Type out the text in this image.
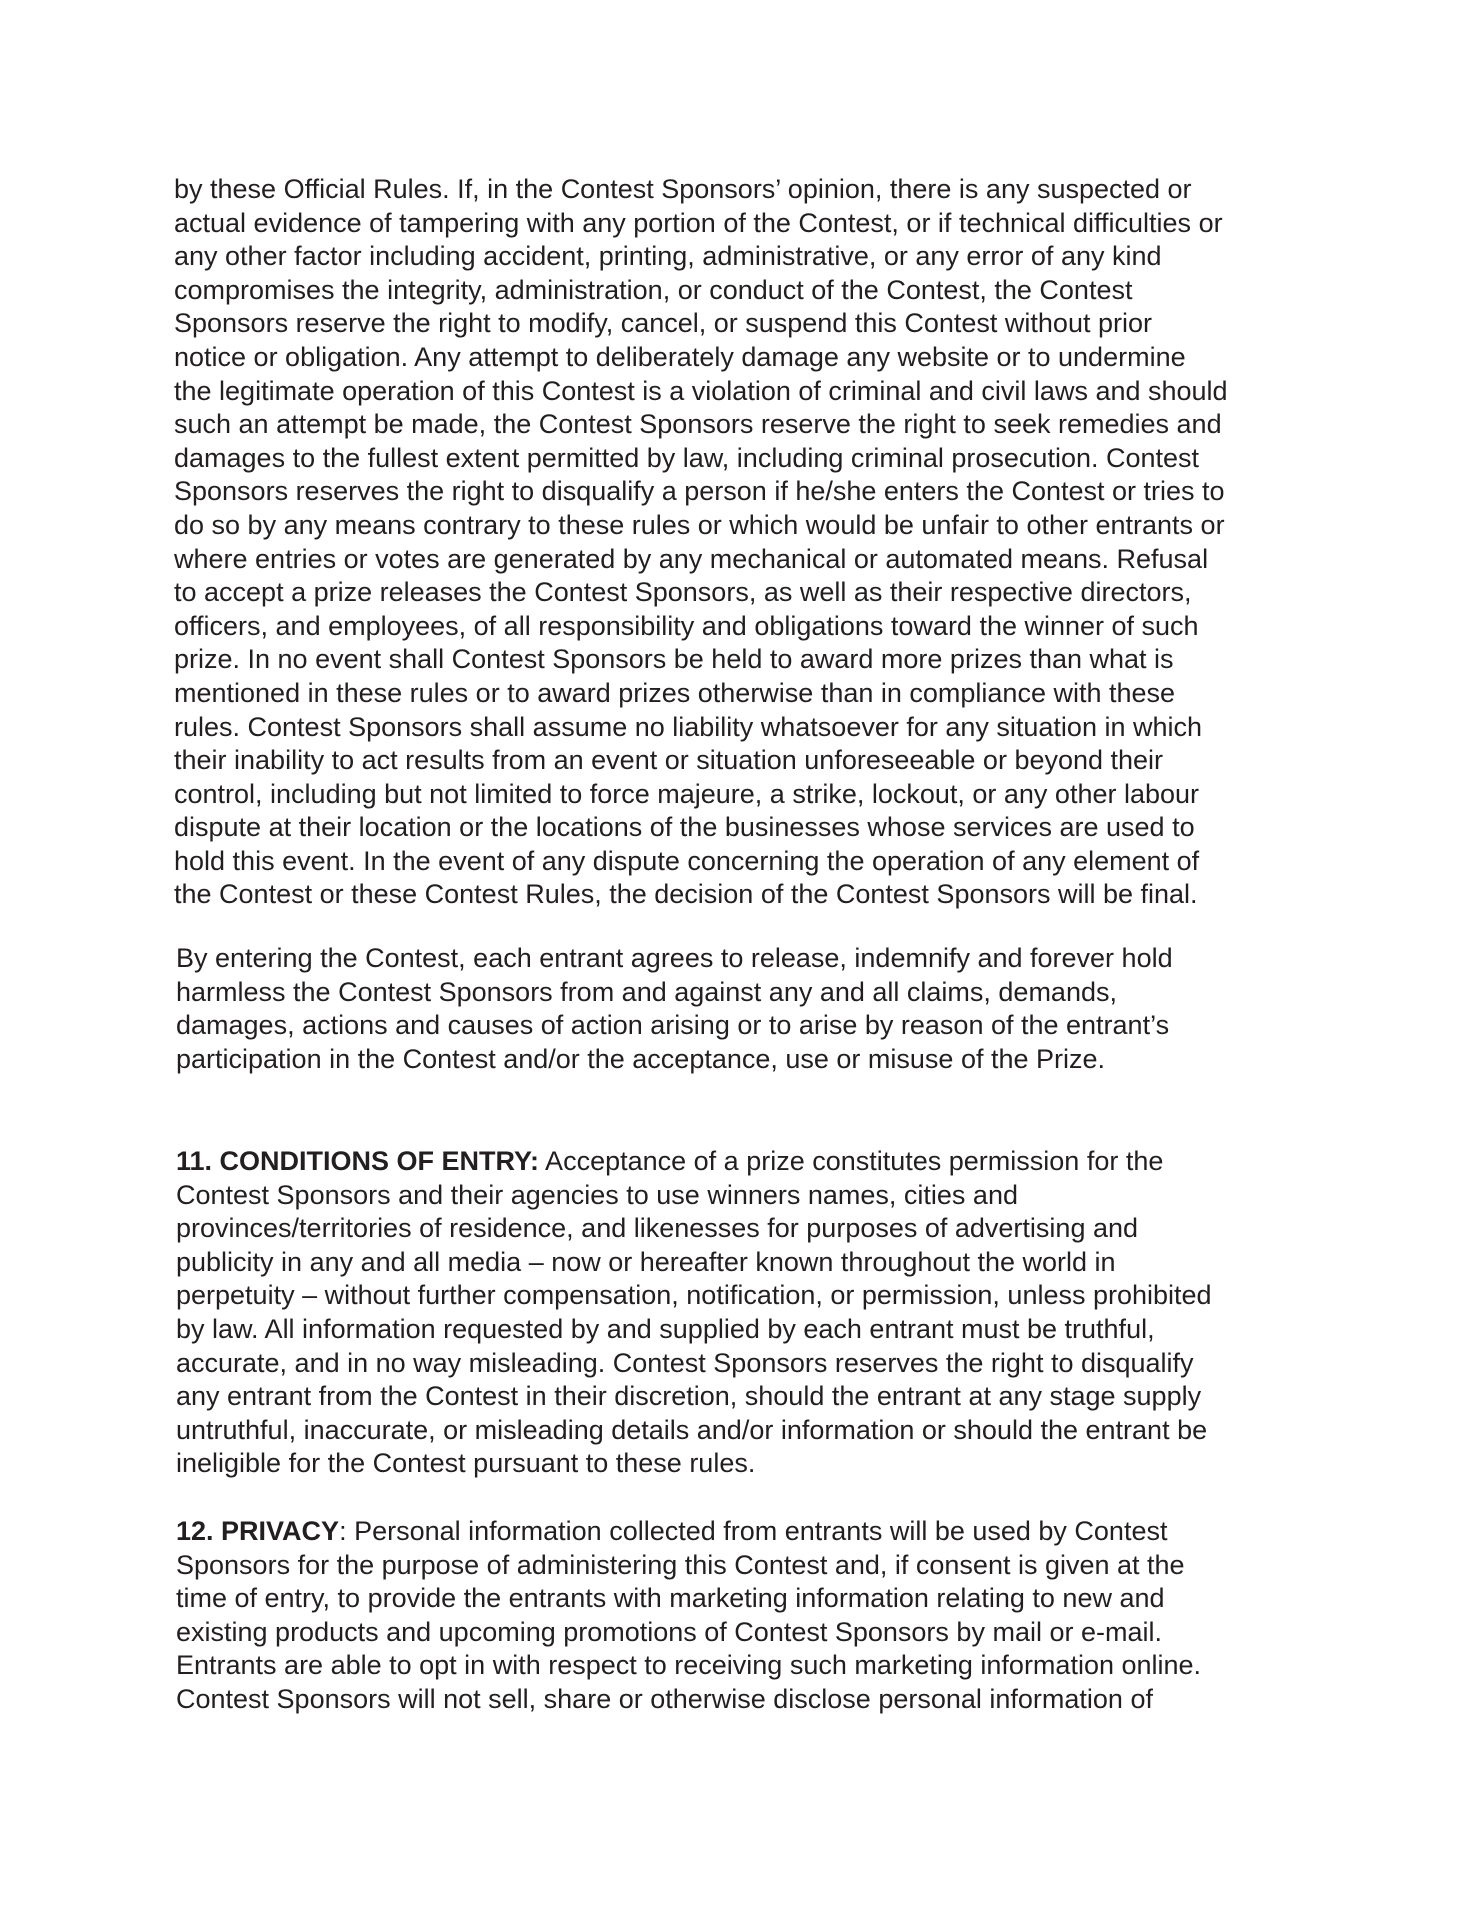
by these Official Rules. If, in the Contest Sponsors’ opinion, there is any suspected or
actual evidence of tampering with any portion of the Contest, or if technical difficulties or
any other factor including accident, printing, administrative, or any error of any kind
compromises the integrity, administration, or conduct of the Contest, the Contest
Sponsors reserve the right to modify, cancel, or suspend this Contest without prior
notice or obligation. Any attempt to deliberately damage any website or to undermine
the legitimate operation of this Contest is a violation of criminal and civil laws and should
such an attempt be made, the Contest Sponsors reserve the right to seek remedies and
damages to the fullest extent permitted by law, including criminal prosecution. Contest
Sponsors reserves the right to disqualify a person if he/she enters the Contest or tries to
do so by any means contrary to these rules or which would be unfair to other entrants or
where entries or votes are generated by any mechanical or automated means. Refusal
to accept a prize releases the Contest Sponsors, as well as their respective directors,
officers, and employees, of all responsibility and obligations toward the winner of such
prize. In no event shall Contest Sponsors be held to award more prizes than what is
mentioned in these rules or to award prizes otherwise than in compliance with these
rules. Contest Sponsors shall assume no liability whatsoever for any situation in which
their inability to act results from an event or situation unforeseeable or beyond their
control, including but not limited to force majeure, a strike, lockout, or any other labour
dispute at their location or the locations of the businesses whose services are used to
hold this event. In the event of any dispute concerning the operation of any element of
the Contest or these Contest Rules, the decision of the Contest Sponsors will be final.
By entering the Contest, each entrant agrees to release, indemnify and forever hold
harmless the Contest Sponsors from and against any and all claims, demands,
damages, actions and causes of action arising or to arise by reason of the entrant’s
participation in the Contest and/or the acceptance, use or misuse of the Prize.
11. CONDITIONS OF ENTRY: Acceptance of a prize constitutes permission for the
Contest Sponsors and their agencies to use winners names, cities and
provinces/territories of residence, and likenesses for purposes of advertising and
publicity in any and all media – now or hereafter known throughout the world in
perpetuity – without further compensation, notification, or permission, unless prohibited
by law. All information requested by and supplied by each entrant must be truthful,
accurate, and in no way misleading. Contest Sponsors reserves the right to disqualify
any entrant from the Contest in their discretion, should the entrant at any stage supply
untruthful, inaccurate, or misleading details and/or information or should the entrant be
ineligible for the Contest pursuant to these rules.
12. PRIVACY: Personal information collected from entrants will be used by Contest
Sponsors for the purpose of administering this Contest and, if consent is given at the
time of entry, to provide the entrants with marketing information relating to new and
existing products and upcoming promotions of Contest Sponsors by mail or e-mail.
Entrants are able to opt in with respect to receiving such marketing information online.
Contest Sponsors will not sell, share or otherwise disclose personal information of
